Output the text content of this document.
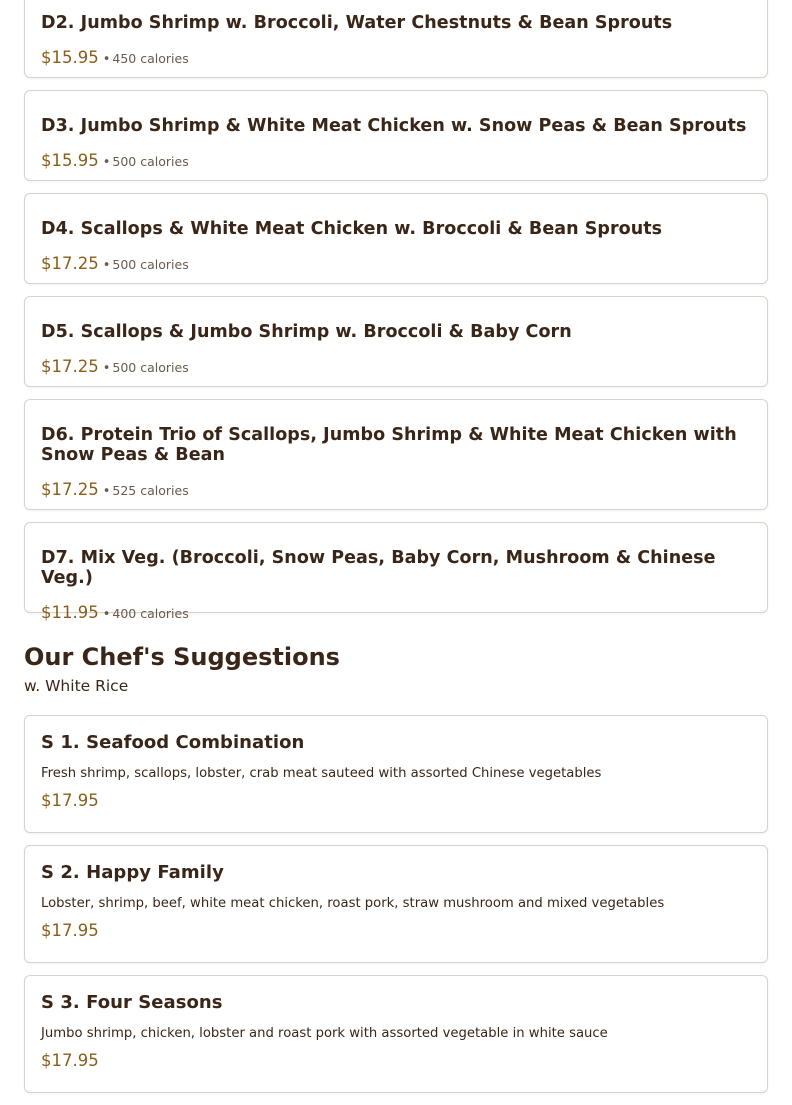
D2. Jumbo Shrimp w. Broccoli, Water Chestnuts & Bean Sprouts
$15.95 • 450 calories
D3. Jumbo Shrimp & White Meat Chicken w. Snow Peas & Bean Sprouts
$15.95 • 500 calories
D4. Scallops & White Meat Chicken w. Broccoli & Bean Sprouts
$17.25 • 500 calories
D5. Scallops & Jumbo Shrimp w. Broccoli & Baby Corn
$17.25 • 500 calories
D6. Protein Trio of Scallops, Jumbo Shrimp & White Meat Chicken with Snow Peas & Bean
$17.25 • 525 calories
D7. Mix Veg. (Broccoli, Snow Peas, Baby Corn, Mushroom & Chinese Veg.)
$11.95 • 400 calories
Our Chef's Suggestions
w. White Rice
S 1. Seafood Combination
Fresh shrimp, scallops, lobster, crab meat sauteed with assorted Chinese vegetables
$17.95
S 2. Happy Family
Lobster, shrimp, beef, white meat chicken, roast pork, straw mushroom and mixed vegetables
$17.95
S 3. Four Seasons
Jumbo shrimp, chicken, lobster and roast pork with assorted vegetable in white sauce
$17.95
